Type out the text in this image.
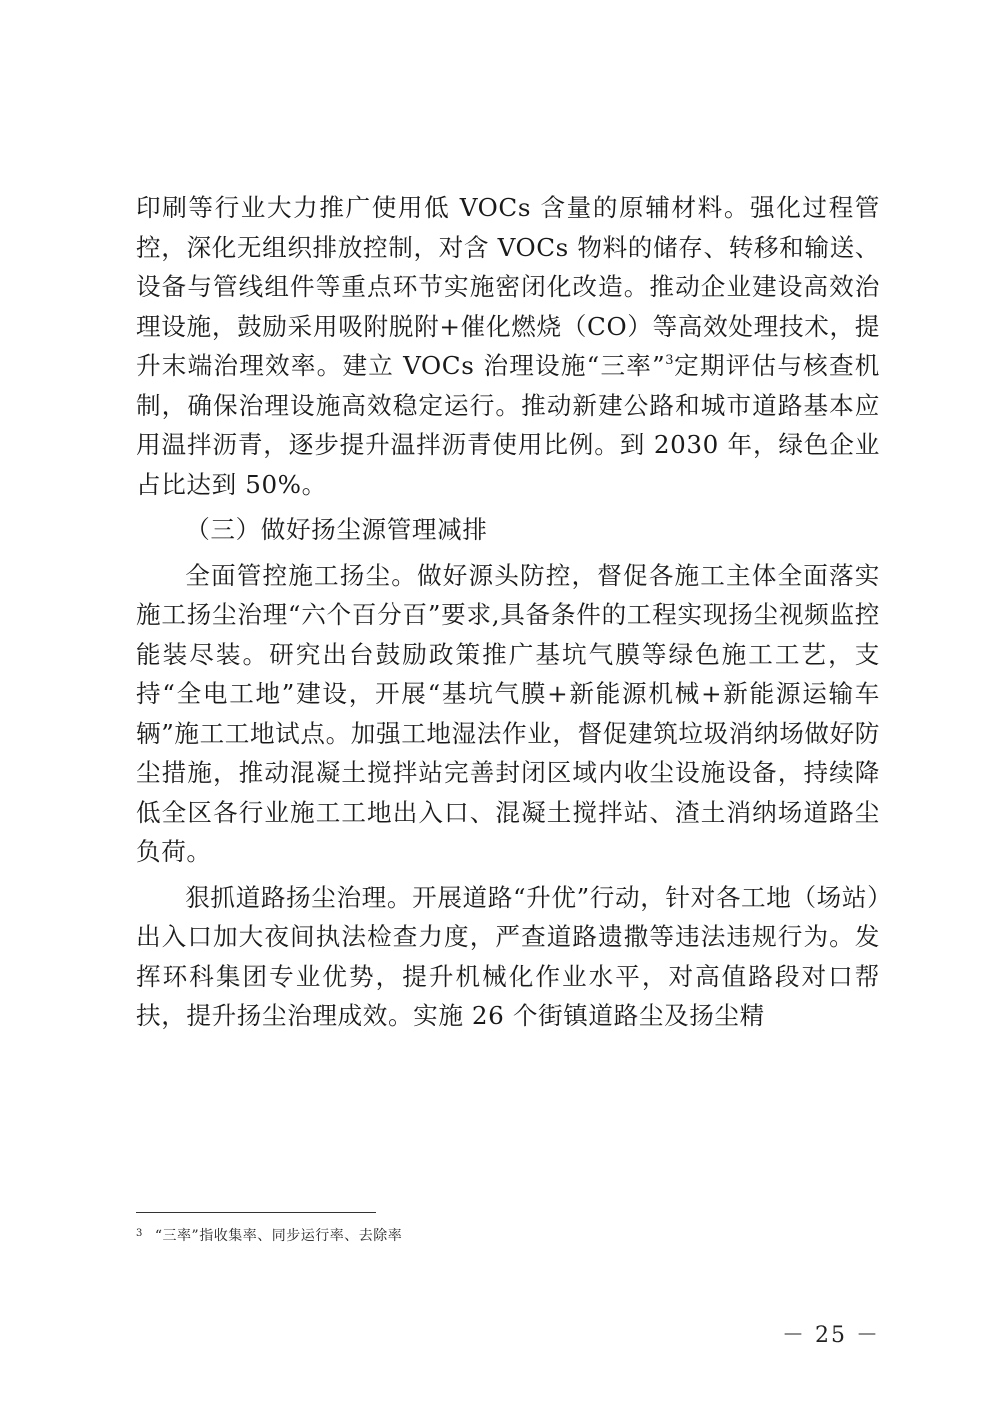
印刷等行业大力推广使用低 VOCs 含量的原辅材料。强化过程管控，深化无组织排放控制，对含 VOCs 物料的储存、转移和输送、设备与管线组件等重点环节实施密闭化改造。推动企业建设高效治理设施，鼓励采用吸附脱附+催化燃烧（CO）等高效处理技术，提升末端治理效率。建立 VOCs 治理设施“三率”$^3$定期评估与核查机制，确保治理设施高效稳定运行。推动新建公路和城市道路基本应用温拌沥青，逐步提升温拌沥青使用比例。到 2030 年，绿色企业占比达到 50%。

（三）做好扬尘源管理减排

全面管控施工扬尘。做好源头防控，督促各施工主体全面落实施工扬尘治理“六个百分百”要求,具备条件的工程实现扬尘视频监控能装尽装。研究出台鼓励政策推广基坑气膜等绿色施工工艺，支持“全电工地”建设，开展“基坑气膜+新能源机械+新能源运输车辆”施工工地试点。加强工地湿法作业，督促建筑垃圾消纳场做好防尘措施，推动混凝土搅拌站完善封闭区域内收尘设施设备，持续降低全区各行业施工工地出入口、混凝土搅拌站、渣土消纳场道路尘负荷。

狠抓道路扬尘治理。开展道路“升优”行动，针对各工地（场站）出入口加大夜间执法检查力度，严查道路遗撒等违法违规行为。发挥环科集团专业优势，提升机械化作业水平，对高值路段对口帮扶，提升扬尘治理成效。实施 26 个街镇道路尘及扬尘精

$^3$ “三率”指收集率、同步运行率、去除率
－ 25 －
